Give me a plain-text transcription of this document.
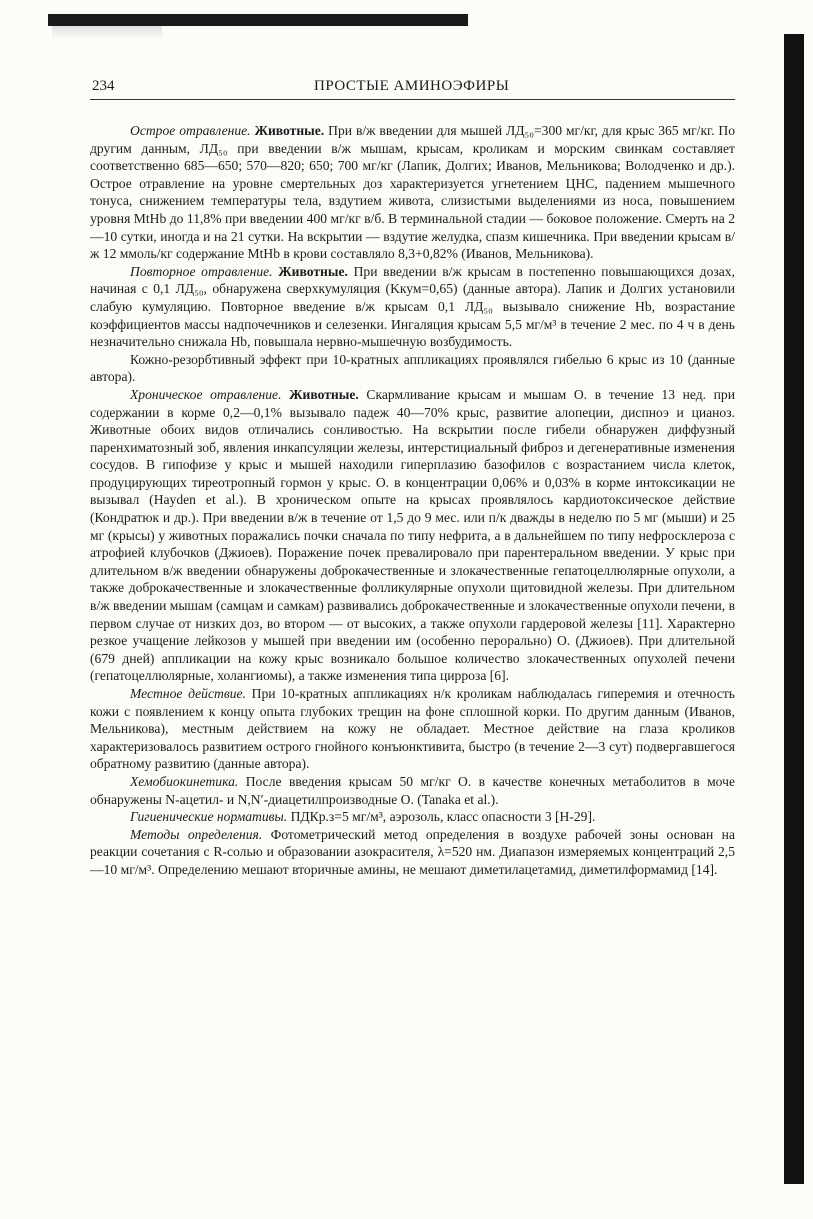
234	ПРОСТЫЕ АМИНОЭФИРЫ

Острое отравление. Животные. При в/ж введении для мышей ЛД₅₀=300 мг/кг, для крыс 365 мг/кг. По другим данным, ЛД₅₀ при введении в/ж мышам, крысам, кроликам и морским свинкам составляет соответственно 685—650; 570—820; 650; 700 мг/кг (Лапик, Долгих; Иванов, Мельникова; Володченко и др.). Острое отравление на уровне смертельных доз характеризуется угнетением ЦНС, падением мышечного тонуса, снижением температуры тела, вздутием живота, слизистыми выделениями из носа, повышением уровня MtHb до 11,8% при введении 400 мг/кг в/б. В терминальной стадии — боковое положение. Смерть на 2—10 сутки, иногда и на 21 сутки. На вскрытии — вздутие желудка, спазм кишечника. При введении крысам в/ж 12 ммоль/кг содержание MtHb в крови составляло 8,3+0,82% (Иванов, Мельникова).

Повторное отравление. Животные. При введении в/ж крысам в постепенно повышающихся дозах, начиная с 0,1 ЛД₅₀, обнаружена сверхкумуляция (Kкум=0,65) (данные автора). Лапик и Долгих установили слабую кумуляцию. Повторное введение в/ж крысам 0,1 ЛД₅₀ вызывало снижение Hb, возрастание коэффициентов массы надпочечников и селезенки. Ингаляция крысам 5,5 мг/м³ в течение 2 мес. по 4 ч в день незначительно снижала Hb, повышала нервно-мышечную возбудимость.

Кожно-резорбтивный эффект при 10-кратных аппликациях проявлялся гибелью 6 крыс из 10 (данные автора).

Хроническое отравление. Животные. Скармливание крысам и мышам О. в течение 13 нед. при содержании в корме 0,2—0,1% вызывало падеж 40—70% крыс, развитие алопеции, диспноэ и цианоз. Животные обоих видов отличались сонливостью. На вскрытии после гибели обнаружен диффузный паренхиматозный зоб, явления инкапсуляции железы, интерстициальный фиброз и дегенеративные изменения сосудов. В гипофизе у крыс и мышей находили гиперплазию базофилов с возрастанием числа клеток, продуцирующих тиреотропный гормон у крыс. О. в концентрации 0,06% и 0,03% в корме интоксикации не вызывал (Hayden et al.). В хроническом опыте на крысах проявлялось кардиотоксическое действие (Кондратюк и др.). При введении в/ж в течение от 1,5 до 9 мес. или п/к дважды в неделю по 5 мг (мыши) и 25 мг (крысы) у животных поражались почки сначала по типу нефрита, а в дальнейшем по типу нефросклероза с атрофией клубочков (Джиоев). Поражение почек превалировало при парентеральном введении. У крыс при длительном в/ж введении обнаружены доброкачественные и злокачественные гепатоцеллюлярные опухоли, а также доброкачественные и злокачественные фолликулярные опухоли щитовидной железы. При длительном в/ж введении мышам (самцам и самкам) развивались доброкачественные и злокачественные опухоли печени, в первом случае от низких доз, во втором — от высоких, а также опухоли гардеровой железы [11]. Характерно резкое учащение лейкозов у мышей при введении им (особенно перорально) О. (Джиоев). При длительной (679 дней) аппликации на кожу крыс возникало большое количество злокачественных опухолей печени (гепатоцеллюлярные, холангиомы), а также изменения типа цирроза [6].

Местное действие. При 10-кратных аппликациях н/к кроликам наблюдалась гиперемия и отечность кожи с появлением к концу опыта глубоких трещин на фоне сплошной корки. По другим данным (Иванов, Мельникова), местным действием на кожу не обладает. Местное действие на глаза кроликов характеризовалось развитием острого гнойного конъюнктивита, быстро (в течение 2—3 сут) подвергавшегося обратному развитию (данные автора).

Хемобиокинетика. После введения крысам 50 мг/кг О. в качестве конечных метаболитов в моче обнаружены N-ацетил- и N,N′-диацетилпроизводные О. (Tanaka et al.).

Гигиенические нормативы. ПДКр.з=5 мг/м³, аэрозоль, класс опасности 3 [Н-29].

Методы определения. Фотометрический метод определения в воздухе рабочей зоны основан на реакции сочетания с R-солью и образовании азокрасителя, λ=520 нм. Диапазон измеряемых концентраций 2,5—10 мг/м³. Определению мешают вторичные амины, не мешают диметилацетамид, диметилформамид [14].
